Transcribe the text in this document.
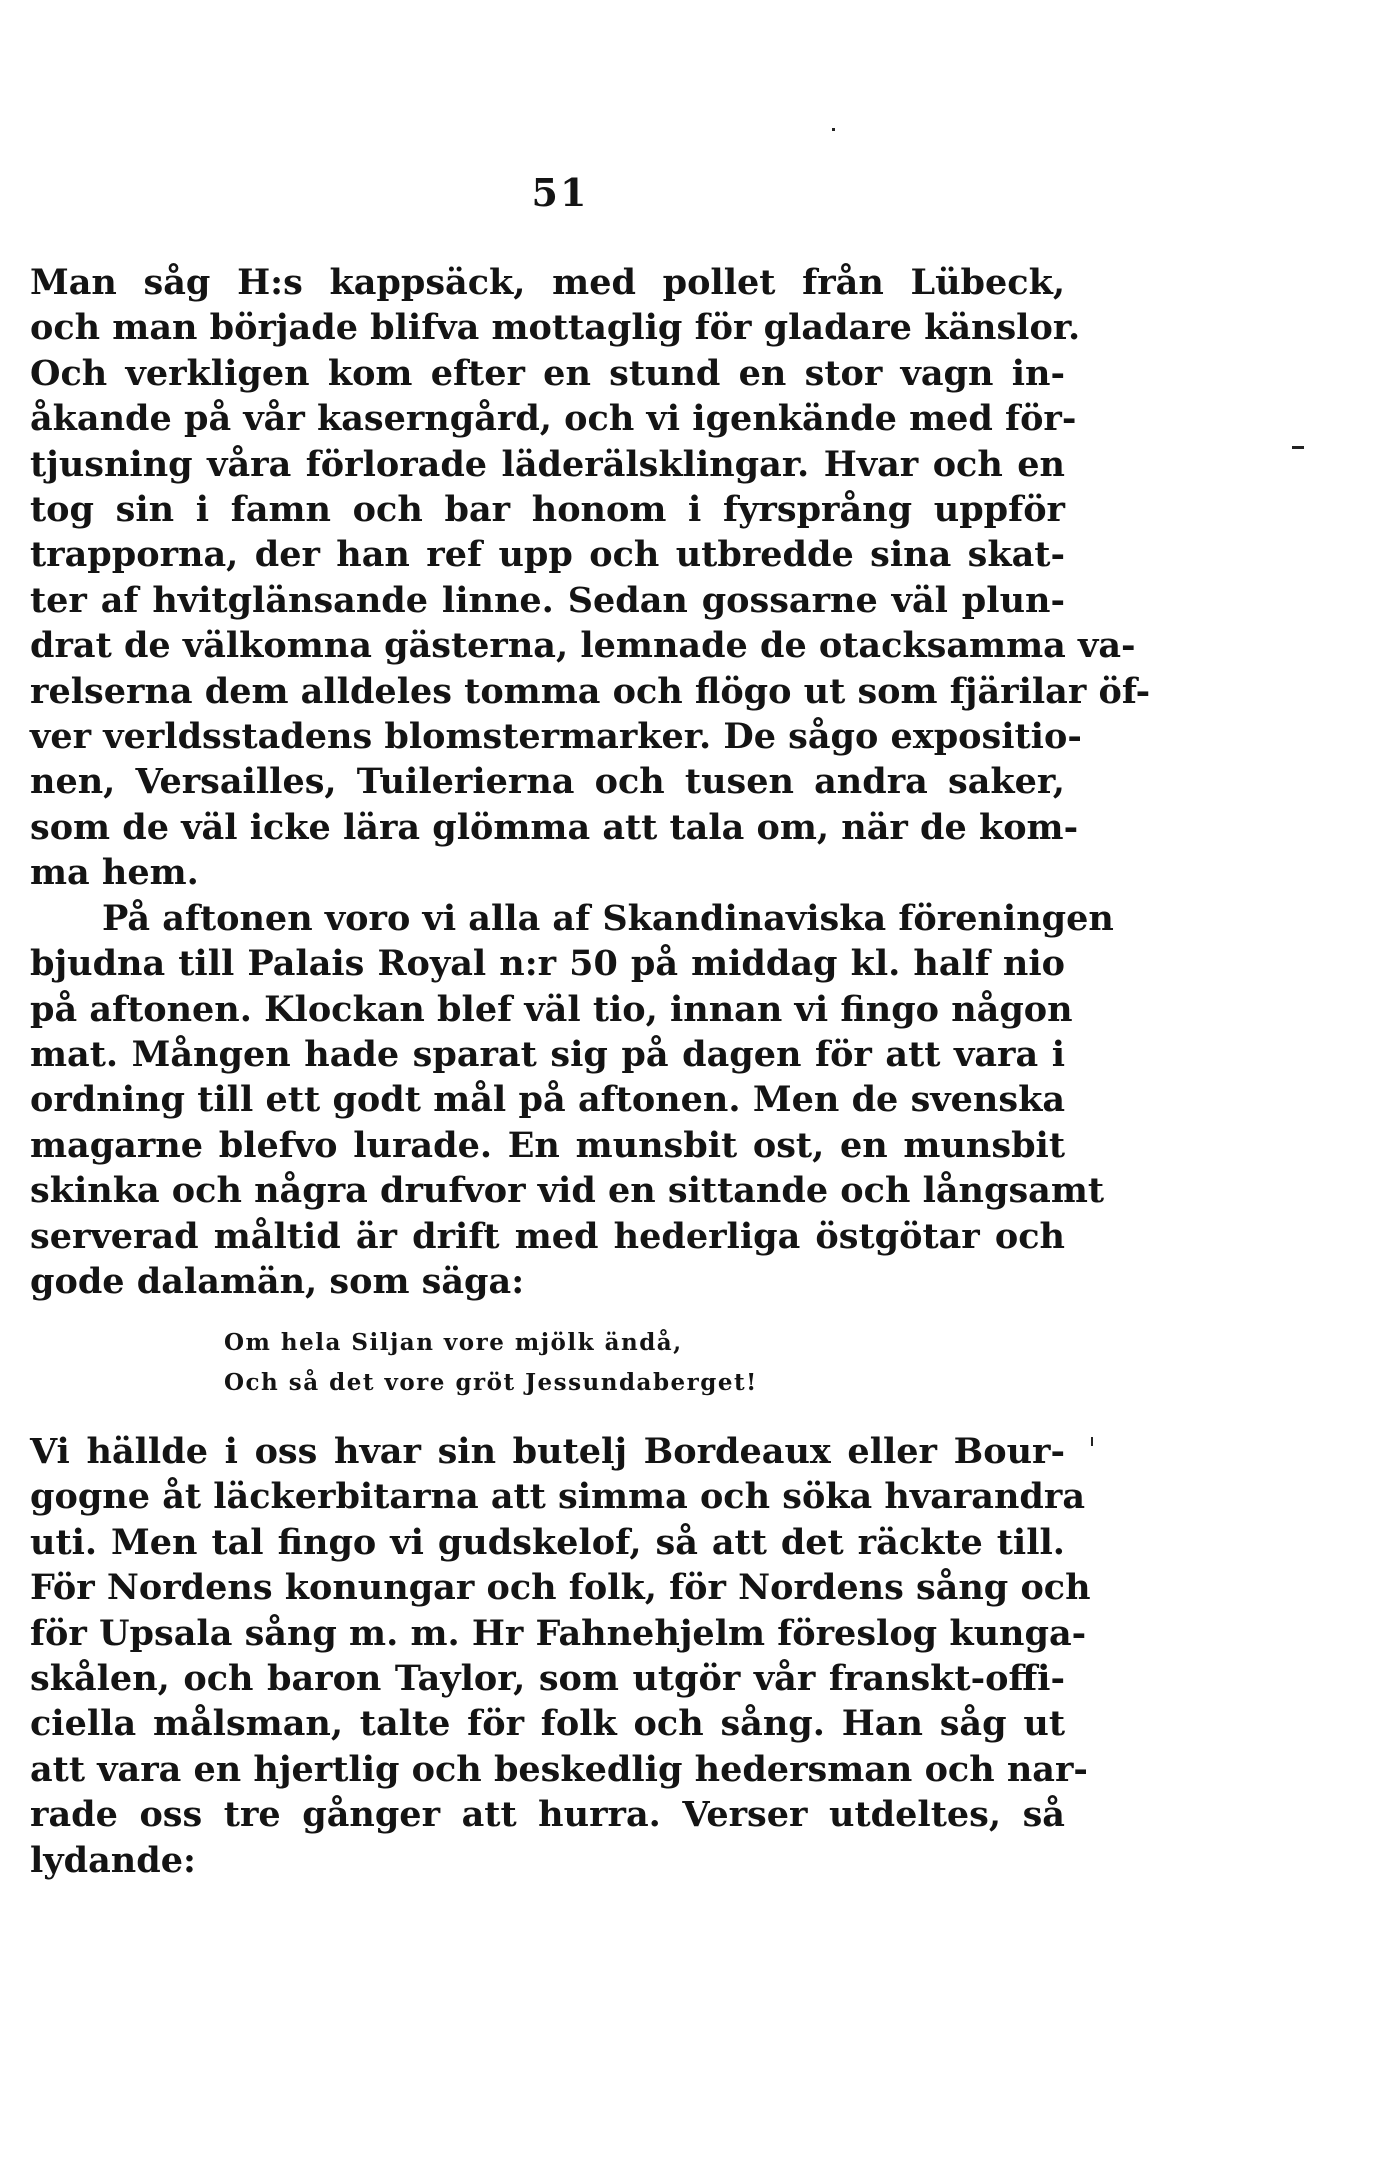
51
Man såg H:s kappsäck, med pollet från Lübeck,
och man började blifva mottaglig för gladare känslor.
Och verkligen kom efter en stund en stor vagn in-
åkande på vår kaserngård, och vi igenkände med för-
tjusning våra förlorade läderälsklingar. Hvar och en
tog sin i famn och bar honom i fyrsprång uppför
trapporna, der han ref upp och utbredde sina skat-
ter af hvitglänsande linne. Sedan gossarne väl plun-
drat de välkomna gästerna, lemnade de otacksamma va-
relserna dem alldeles tomma och flögo ut som fjärilar öf-
ver verldsstadens blomstermarker. De sågo expositio-
nen, Versailles, Tuilerierna och tusen andra saker,
som de väl icke lära glömma att tala om, när de kom-
ma hem.
På aftonen voro vi alla af Skandinaviska föreningen
bjudna till Palais Royal n:r 50 på middag kl. half nio
på aftonen. Klockan blef väl tio, innan vi fingo någon
mat. Mången hade sparat sig på dagen för att vara i
ordning till ett godt mål på aftonen. Men de svenska
magarne blefvo lurade. En munsbit ost, en munsbit
skinka och några drufvor vid en sittande och långsamt
serverad måltid är drift med hederliga östgötar och
gode dalamän, som säga:
Om hela Siljan vore mjölk ändå,
Och så det vore gröt Jessundaberget!
Vi hällde i oss hvar sin butelj Bordeaux eller Bour-
gogne åt läckerbitarna att simma och söka hvarandra
uti. Men tal fingo vi gudskelof, så att det räckte till.
För Nordens konungar och folk, för Nordens sång och
för Upsala sång m. m. Hr Fahnehjelm föreslog kunga-
skålen, och baron Taylor, som utgör vår franskt-offi-
ciella målsman, talte för folk och sång. Han såg ut
att vara en hjertlig och beskedlig hedersman och nar-
rade oss tre gånger att hurra. Verser utdeltes, så
lydande:
